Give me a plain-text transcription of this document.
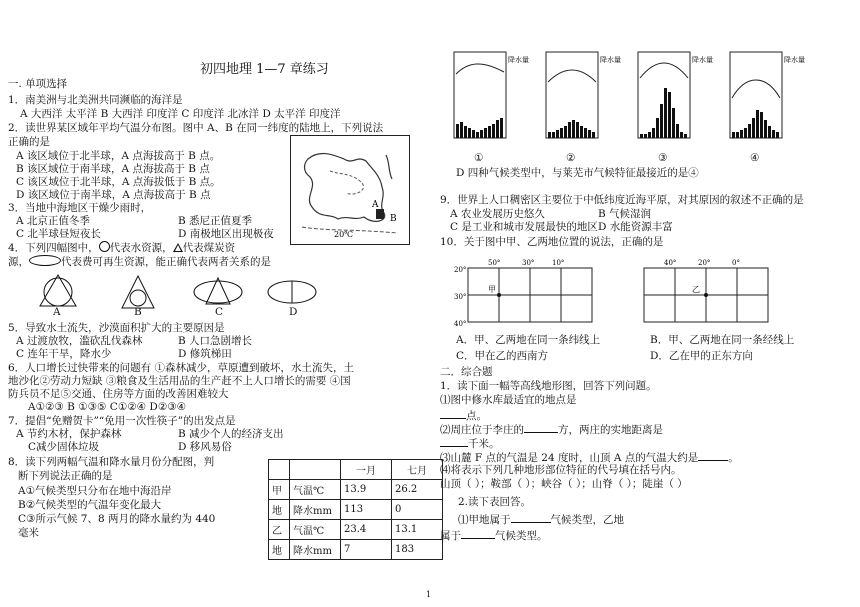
初四地理 1—7 章练习
一. 单项选择
1．南美洲与北美洲共同濒临的海洋是
A 大西洋 太平洋 B 大西洋 印度洋 C 印度洋 北冰洋 D 太平洋 印度洋
2．读世界某区域年平均气温分布图。图中 A、B 在同一纬度的陆地上，下列说法
正确的是
A 该区域位于北半球，A 点海拔高于 B 点。
B 该区域位于南半球，A 点海拔高于 B 点
C 该区域位于北半球，A 点海拔低于 B 点。
D 该区域位于南半球，A 点海拔高于 B 点
20℃
A
B
3．当地中海地区干燥少雨时，
A 北京正值冬季	B 悉尼正值夏季
C 北半球昼短夜长	D 南极地区出现极夜
4．下列四幅图中， 代表水资源， 代表煤炭资
源，	代表费可再生资源，能正确代表两者关系的是
A	B	C	D
5．导致水土流失，沙漠面积扩大的主要原因是
A 过渡放牧，滥砍乱伐森林	B 人口急剧增长
C 连年干旱，降水少	D 修筑梯田
6．人口增长过快带来的问题有 ①森林减少，草原遭到破坏，水土流失，土
地沙化②劳动力短缺 ③粮食及生活用品的生产赶不上人口增长的需要 ④国
防兵员不足⑤交通、住房等方面的改善困难较大
A①②③ B ①③⑤ C①②④ D②③④
7．提倡“免赠贺卡”“免用一次性筷子”的出发点是
A 节约木材，保护森林	B 减少个人的经济支出
C减少固体垃圾	D 移风易俗
8．读下列两幅气温和降水量月份分配图，判
断下列说法正确的是
A①气候类型只分布在地中海沿岸
B②气候类型的气温年变化最大
C③所示气候 7、8 两月的降水量约为 440
毫米
		一月	七月
甲	气温℃	13.9	26.2
地	降水mm	113	0
乙	气温℃	23.4	13.1
地	降水mm	7	183
1
降水量	降水量	降水量	降水量
①	②	③	④
D 四种气候类型中，与莱芜市气候特征最接近的是④
9．世界上人口稠密区主要位于中低纬度近海平原，对其原因的叙述不正确的是
A 农业发展历史悠久	B 气候湿润
C 是工业和城市发展最快的地区 D 水能资源丰富
10．关于图中甲、乙两地位置的说法，正确的是
50°	30°	10°
20°
30°
40°
甲
40°	20°	0°
乙
A．甲、乙两地在同一条纬线上	B．甲、乙两地在同一条经线上
C．甲在乙的西南方	D．乙在甲的正东方向
二．综合题
1．读下面一幅等高线地形图，回答下列问题。
⑴图中修水库最适宜的地点是
点。
⑵周庄位于李庄的	方，两庄的实地距离是
千米。
⑶山麓 F 点的气温是 24 度时，山顶 A 点的气温大约是	。
⑷将表示下列几种地形部位特征的代号填在括号内。
山顶（ ）；鞍部（ ）；峡谷（ ）；山脊（ ）；陡崖（ ）
2.读下表回答。
⑴甲地属于	气候类型，乙地
属于	气候类型。
